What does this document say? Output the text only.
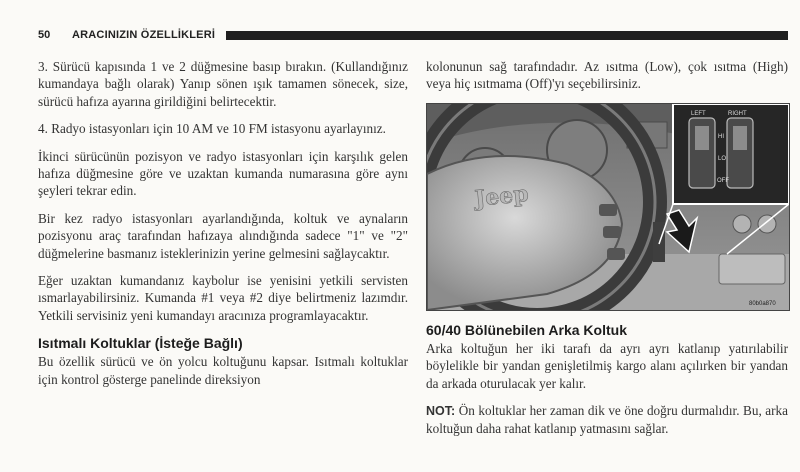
50 ARACINIZIN ÖZELLİKLERİ

3. Sürücü kapısında 1 ve 2 düğmesine basıp bırakın. (Kullandığınız kumandaya bağlı olarak) Yanıp sönen ışık tamamen sönecek, size, sürücü hafıza ayarına girildiğini belirtecektir.

4. Radyo istasyonları için 10 AM ve 10 FM istasyonu ayarlayınız.

İkinci sürücünün pozisyon ve radyo istasyonları için karşılık gelen hafıza düğmesine göre ve uzaktan kumanda numarasına göre aynı şeyleri tekrar edin.

Bir kez radyo istasyonları ayarlandığında, koltuk ve aynaların pozisyonu araç tarafından hafızaya alındığında sadece "1" ve "2" düğmelerine basmanız isteklerinizin yerine gelmesini sağlaycaktır.

Eğer uzaktan kumandanız kaybolur ise yenisini yetkili servisten ısmarlayabilirsiniz. Kumanda #1 veya #2 diye belirtmeniz lazımdır. Yetkili servisiniz yeni kumandayı aracınıza programlayacaktır.

Isıtmalı Koltuklar (İsteğe Bağlı)

Bu özellik sürücü ve ön yolcu koltuğunu kapsar. Isıtmalı koltuklar için kontrol gösterge panelinde direksiyon

kolonunun sağ tarafındadır. Az ısıtma (Low), çok ısıtma (High) veya hiç ısıtmama (Off)'yı seçebilirsiniz.

Jeep
LEFT	RIGHT
HI
LO
OFF
80b0a870
60/40 Bölünebilen Arka Koltuk

Arka koltuğun her iki tarafı da ayrı ayrı katlanıp yatırılabilir böylelikle bir yandan genişletilmiş kargo alanı açılırken bir yandan da arkada oturulacak yer kalır.

NOT: Ön koltuklar her zaman dik ve öne doğru durmalıdır. Bu, arka koltuğun daha rahat katlanıp yatmasını sağlar.
